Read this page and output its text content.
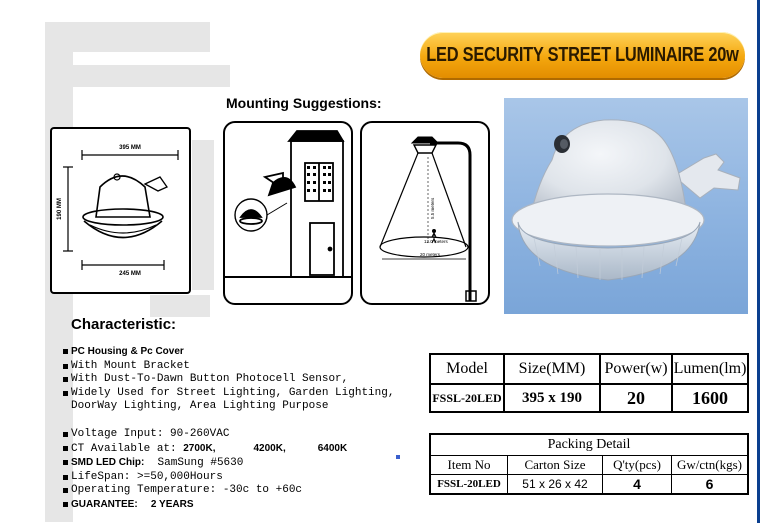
LED SECURITY STREET LUMINAIRE 20w
Mounting Suggestions:
395 MM
245 MM
190 MM
12.0 meters
20 meters
5.5 meters
Characteristic:
PC Housing & Pc Cover
With Mount Bracket
With Dust-To-Dawn Button Photocell Sensor,
Widely Used for Street Lighting, Garden Lighting,
DoorWay Lighting, Area Lighting Purpose
Voltage Input: 90-260VAC
CT Available at: 2700K,	4200K,	6400K
SMD LED Chip: SamSung #5630
LifeSpan: >=50,000Hours
Operating Temperature: -30c to +60c
GUARANTEE: 2 YEARS
Model	Size(MM)	Power(w)	Lumen(lm)
FSSL-20LED	395 x 190	20	1600
Packing Detail			
Item No	Carton Size	Q'ty(pcs)	Gw/ctn(kgs)
FSSL-20LED	51 x 26 x 42	4	6
